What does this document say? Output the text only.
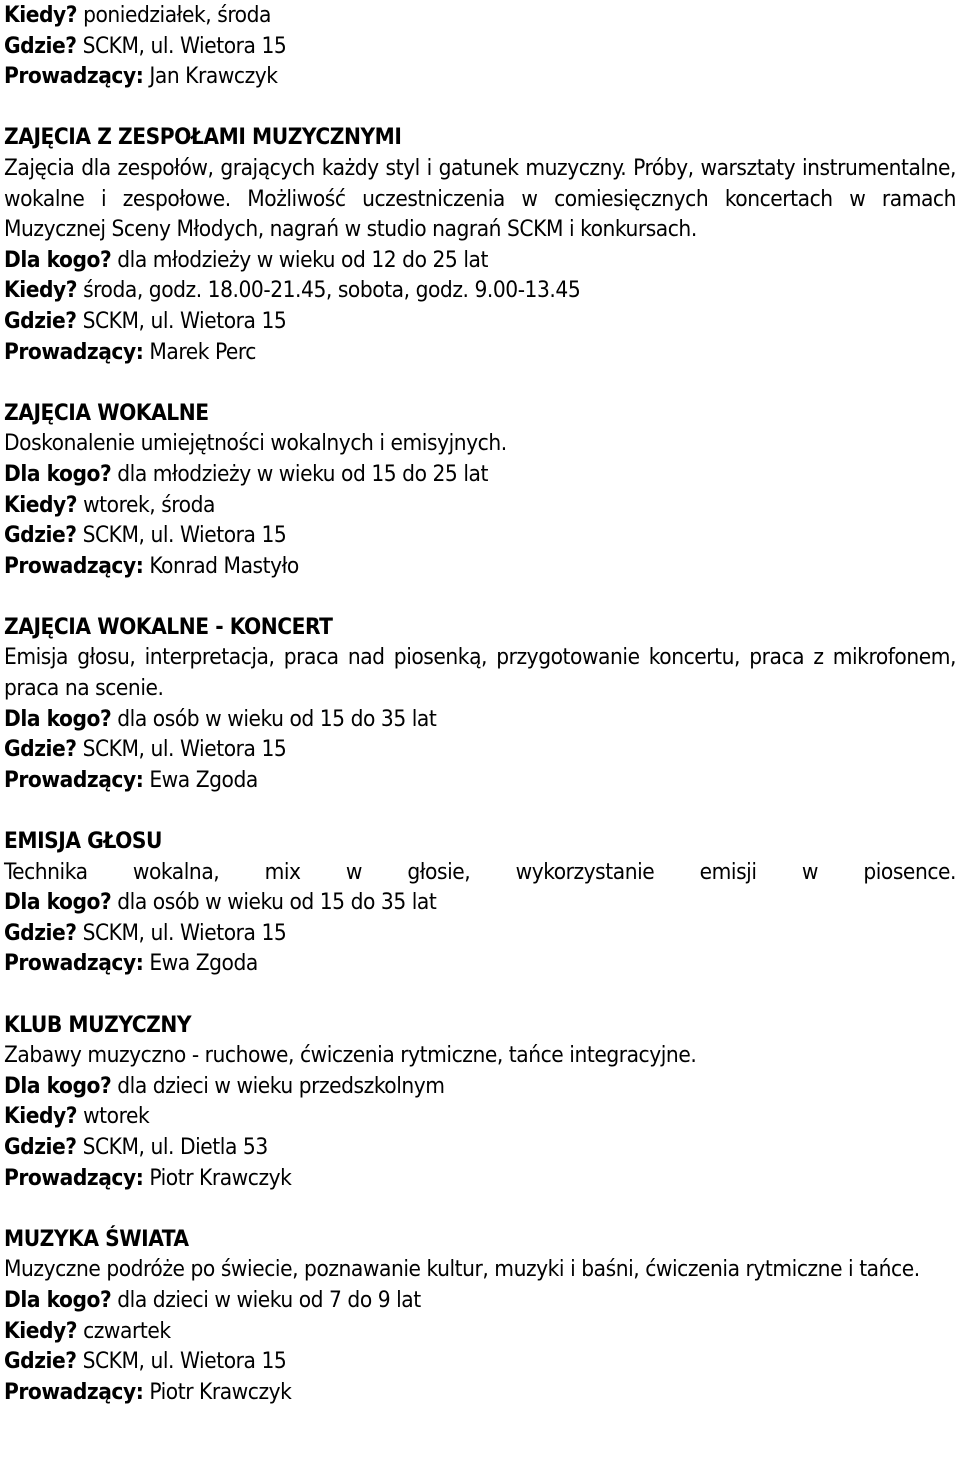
Kiedy? poniedziałek, środa
Gdzie? SCKM, ul. Wietora 15
Prowadzący: Jan Krawczyk
ZAJĘCIA Z ZESPOŁAMI MUZYCZNYMI
Zajęcia dla zespołów, grających każdy styl i gatunek muzyczny. Próby, warsztaty instrumentalne, wokalne i zespołowe. Możliwość uczestniczenia w comiesięcznych koncertach w ramach Muzycznej Sceny Młodych, nagrań w studio nagrań SCKM i konkursach.
Dla kogo? dla młodzieży w wieku od 12 do 25 lat
Kiedy? środa, godz. 18.00-21.45, sobota, godz. 9.00-13.45
Gdzie? SCKM, ul. Wietora 15
Prowadzący: Marek Perc
ZAJĘCIA WOKALNE
Doskonalenie umiejętności wokalnych i emisyjnych.
Dla kogo? dla młodzieży w wieku od 15 do 25 lat
Kiedy? wtorek, środa
Gdzie? SCKM, ul. Wietora 15
Prowadzący: Konrad Mastyło
ZAJĘCIA WOKALNE - KONCERT
Emisja głosu, interpretacja, praca nad piosenką, przygotowanie koncertu, praca z mikrofonem, praca na scenie.
Dla kogo? dla osób w wieku od 15 do 35 lat
Gdzie? SCKM, ul. Wietora 15
Prowadzący: Ewa Zgoda
EMISJA GŁOSU
Technika wokalna, mix w głosie, wykorzystanie emisji w piosence.
Dla kogo? dla osób w wieku od 15 do 35 lat
Gdzie? SCKM, ul. Wietora 15
Prowadzący: Ewa Zgoda
KLUB MUZYCZNY
Zabawy muzyczno - ruchowe, ćwiczenia rytmiczne, tańce integracyjne.
Dla kogo? dla dzieci w wieku przedszkolnym
Kiedy? wtorek
Gdzie? SCKM, ul. Dietla 53
Prowadzący: Piotr Krawczyk
MUZYKA ŚWIATA
Muzyczne podróże po świecie, poznawanie kultur, muzyki i baśni, ćwiczenia rytmiczne i tańce.
Dla kogo? dla dzieci w wieku od 7 do 9 lat
Kiedy? czwartek
Gdzie? SCKM, ul. Wietora 15
Prowadzący: Piotr Krawczyk
